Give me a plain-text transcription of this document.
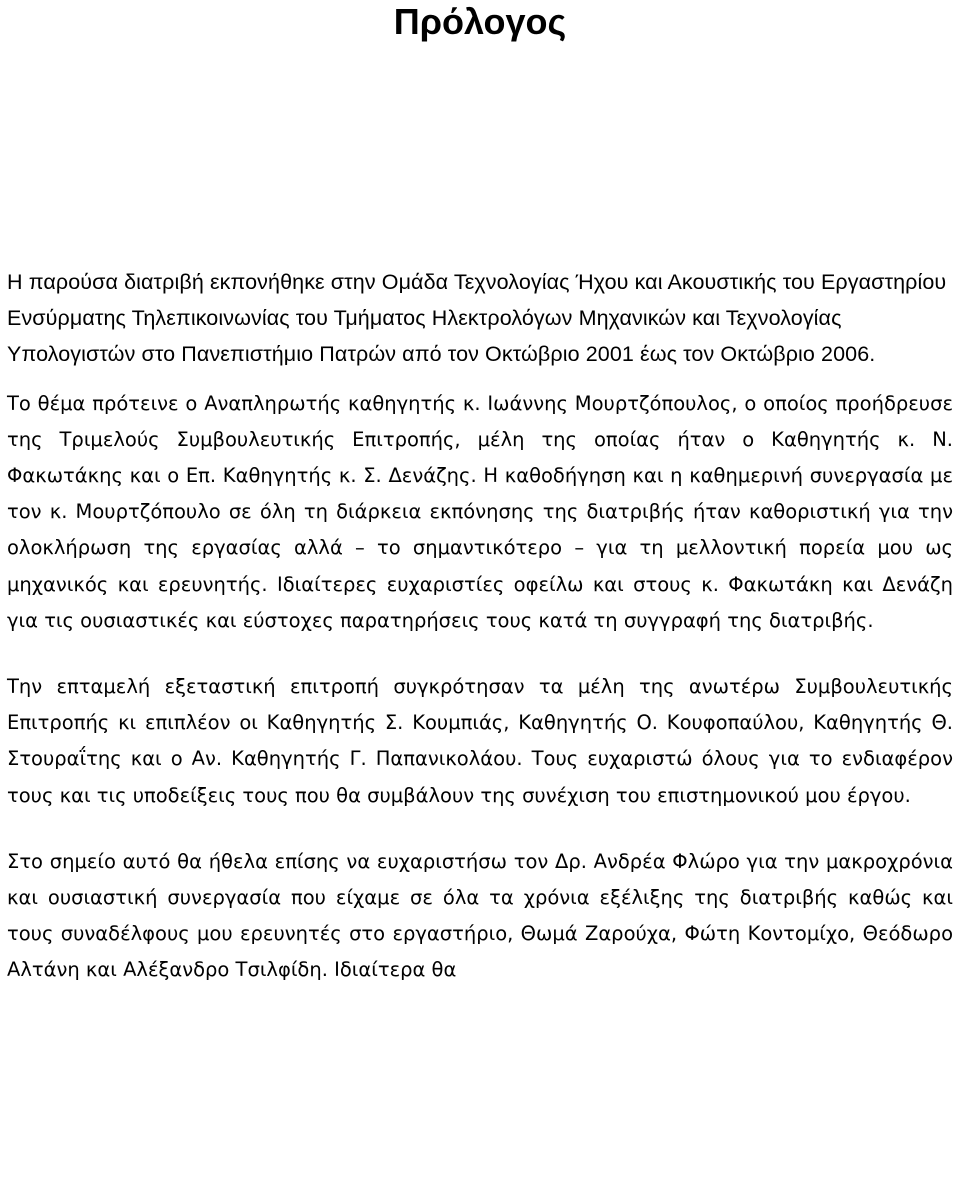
Πρόλογος

Η παρούσα διατριβή εκπονήθηκε στην Ομάδα Τεχνολογίας Ήχου και Ακουστικής του Εργαστηρίου Ενσύρματης Τηλεπικοινωνίας του Τμήματος Ηλεκτρολόγων Μηχανικών και Τεχνολογίας Υπολογιστών στο Πανεπιστήμιο Πατρών από τον Οκτώβριο 2001 έως τον Οκτώβριο 2006.

Το θέμα πρότεινε ο Αναπληρωτής καθηγητής κ. Ιωάννης Μουρτζόπουλος, ο οποίος προήδρευσε της Τριμελούς Συμβουλευτικής Επιτροπής, μέλη της οποίας ήταν ο Καθηγητής κ. Ν. Φακωτάκης και ο Επ. Καθηγητής κ. Σ. Δενάζης. Η καθοδήγηση και η καθημερινή συνεργασία με τον κ. Μουρτζόπουλο σε όλη τη διάρκεια εκπόνησης της διατριβής ήταν καθοριστική για την ολοκλήρωση της εργασίας αλλά – το σημαντικότερο – για τη μελλοντική πορεία μου ως μηχανικός και ερευνητής. Ιδιαίτερες ευχαριστίες οφείλω και στους κ. Φακωτάκη και Δενάζη για τις ουσιαστικές και εύστοχες παρατηρήσεις τους κατά τη συγγραφή της διατριβής.

Την επταμελή εξεταστική επιτροπή συγκρότησαν τα μέλη της ανωτέρω Συμβουλευτικής Επιτροπής κι επιπλέον οι Καθηγητής Σ. Κουμπιάς, Καθηγητής Ο. Κουφοπαύλου, Καθηγητής Θ. Στουραΐτης και ο Αν. Καθηγητής Γ. Παπανικολάου. Τους ευχαριστώ όλους για το ενδιαφέρον τους και τις υποδείξεις τους που θα συμβάλουν της συνέχιση του επιστημονικού μου έργου.

Στο σημείο αυτό θα ήθελα επίσης να ευχαριστήσω τον Δρ. Ανδρέα Φλώρο για την μακροχρόνια και ουσιαστική συνεργασία που είχαμε σε όλα τα χρόνια εξέλιξης της διατριβής καθώς και τους συναδέλφους μου ερευνητές στο εργαστήριο, Θωμά Ζαρούχα, Φώτη Κοντομίχο, Θεόδωρο Αλτάνη και Αλέξανδρο Τσιλφίδη. Ιδιαίτερα θα
